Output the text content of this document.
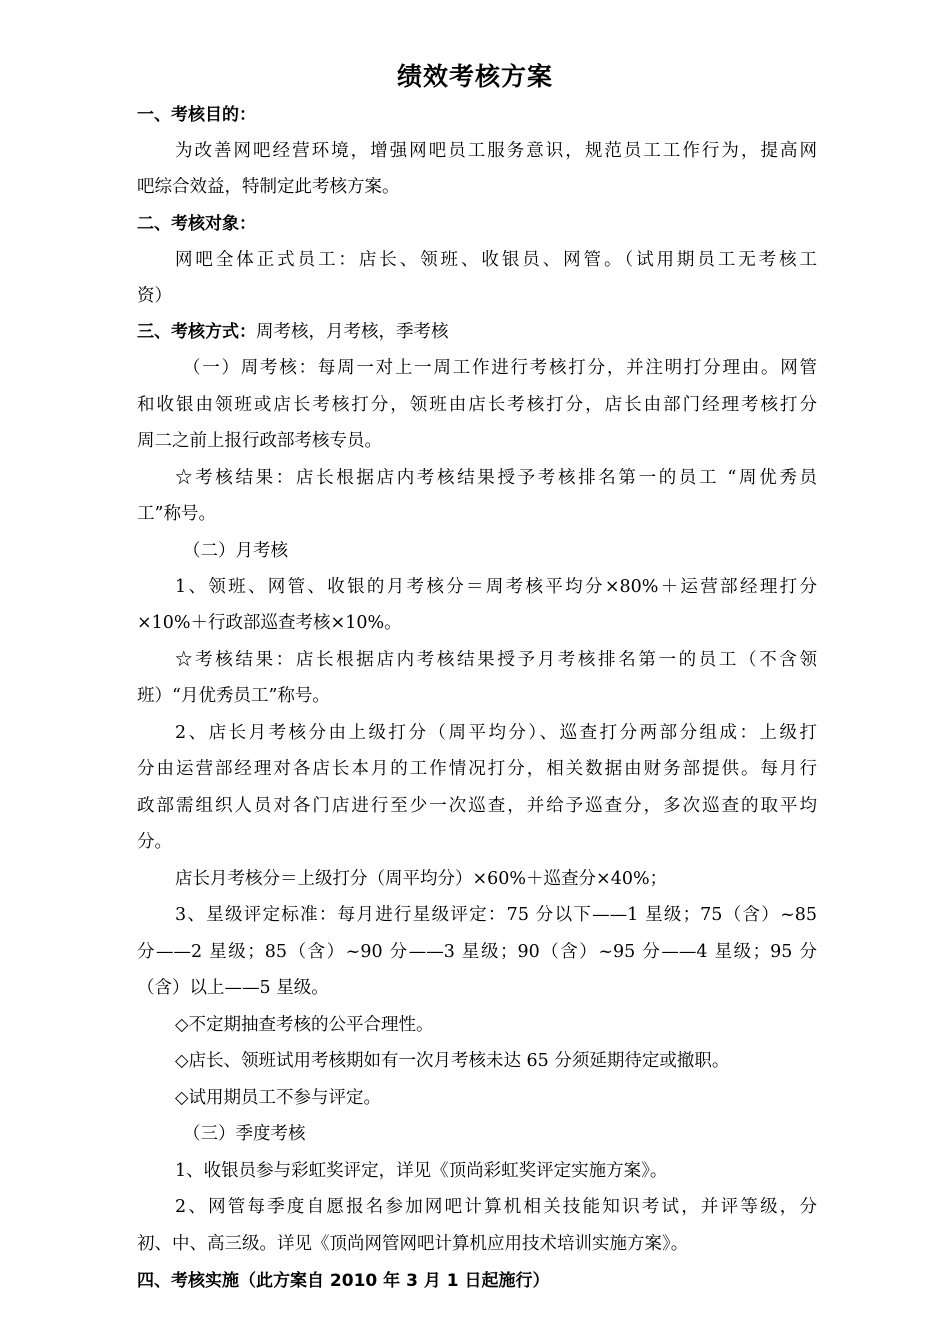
绩效考核方案
一、考核目的：
为改善网吧经营环境，增强网吧员工服务意识，规范员工工作行为，提高网
吧综合效益，特制定此考核方案。
二、考核对象：
网吧全体正式员工：店长、领班、收银员、网管。（试用期员工无考核工
资）
三、考核方式：周考核，月考核，季考核
（一）周考核：每周一对上一周工作进行考核打分，并注明打分理由。网管
和收银由领班或店长考核打分，领班由店长考核打分，店长由部门经理考核打分
周二之前上报行政部考核专员。
☆考核结果：店长根据店内考核结果授予考核排名第一的员工 “周优秀员
工”称号。
（二）月考核
1、领班、网管、收银的月考核分＝周考核平均分×80%＋运营部经理打分
×10%＋行政部巡查考核×10%。
☆考核结果：店长根据店内考核结果授予月考核排名第一的员工（不含领
班）“月优秀员工”称号。
2、店长月考核分由上级打分（周平均分）、巡查打分两部分组成：上级打
分由运营部经理对各店长本月的工作情况打分，相关数据由财务部提供。每月行
政部需组织人员对各门店进行至少一次巡查，并给予巡查分，多次巡查的取平均
分。
店长月考核分＝上级打分（周平均分）×60%＋巡查分×40%；
3、星级评定标准：每月进行星级评定：75 分以下——1 星级；75（含）~85
分——2 星级；85（含）~90 分——3 星级；90（含）~95 分——4 星级；95 分
（含）以上——5 星级。
◇不定期抽查考核的公平合理性。
◇店长、领班试用考核期如有一次月考核未达 65 分须延期待定或撤职。
◇试用期员工不参与评定。
（三）季度考核
1、收银员参与彩虹奖评定，详见《顶尚彩虹奖评定实施方案》。
2、网管每季度自愿报名参加网吧计算机相关技能知识考试，并评等级，分
初、中、高三级。详见《顶尚网管网吧计算机应用技术培训实施方案》。
四、考核实施（此方案自 2010 年 3 月 1 日起施行）
